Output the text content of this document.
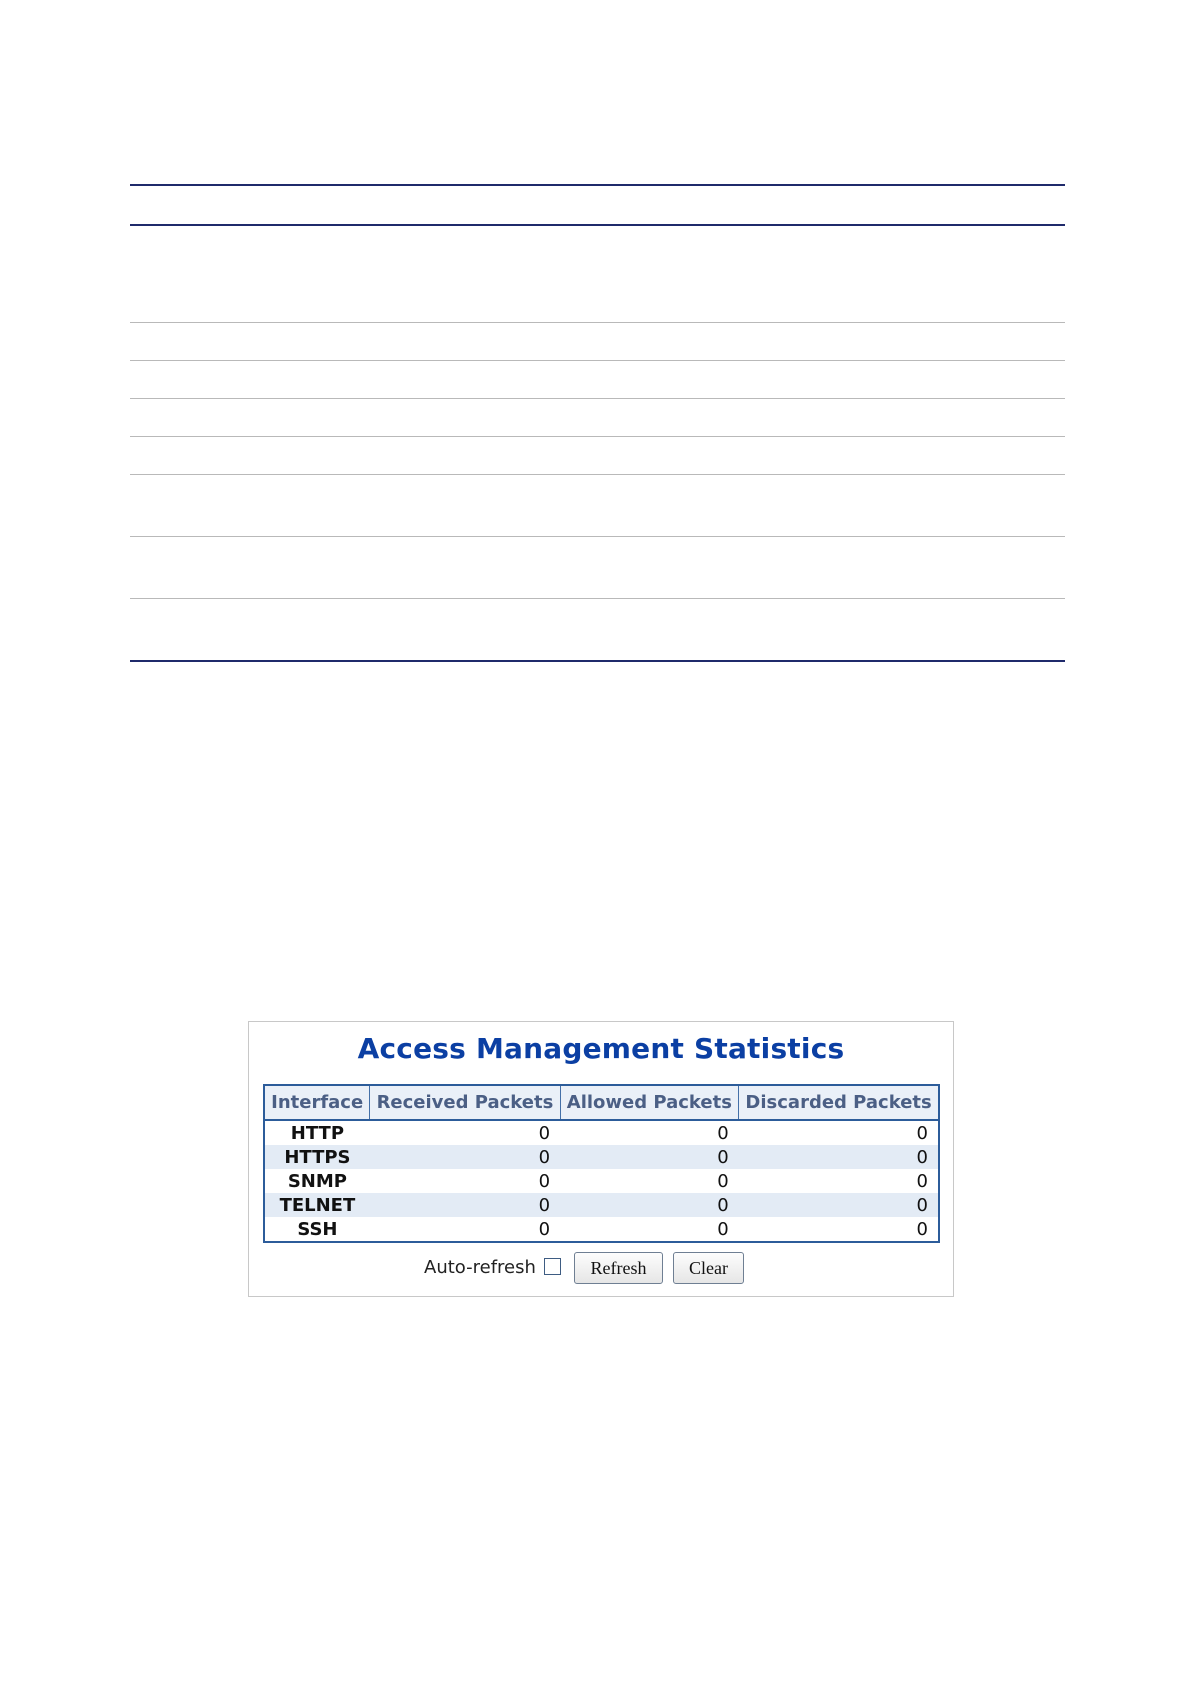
Access Management Statistics
Interface	Received Packets	Allowed Packets	Discarded Packets
HTTP	0	0	0
HTTPS	0	0	0
SNMP	0	0	0
TELNET	0	0	0
SSH	0	0	0
Auto-refresh	Refresh	Clear
